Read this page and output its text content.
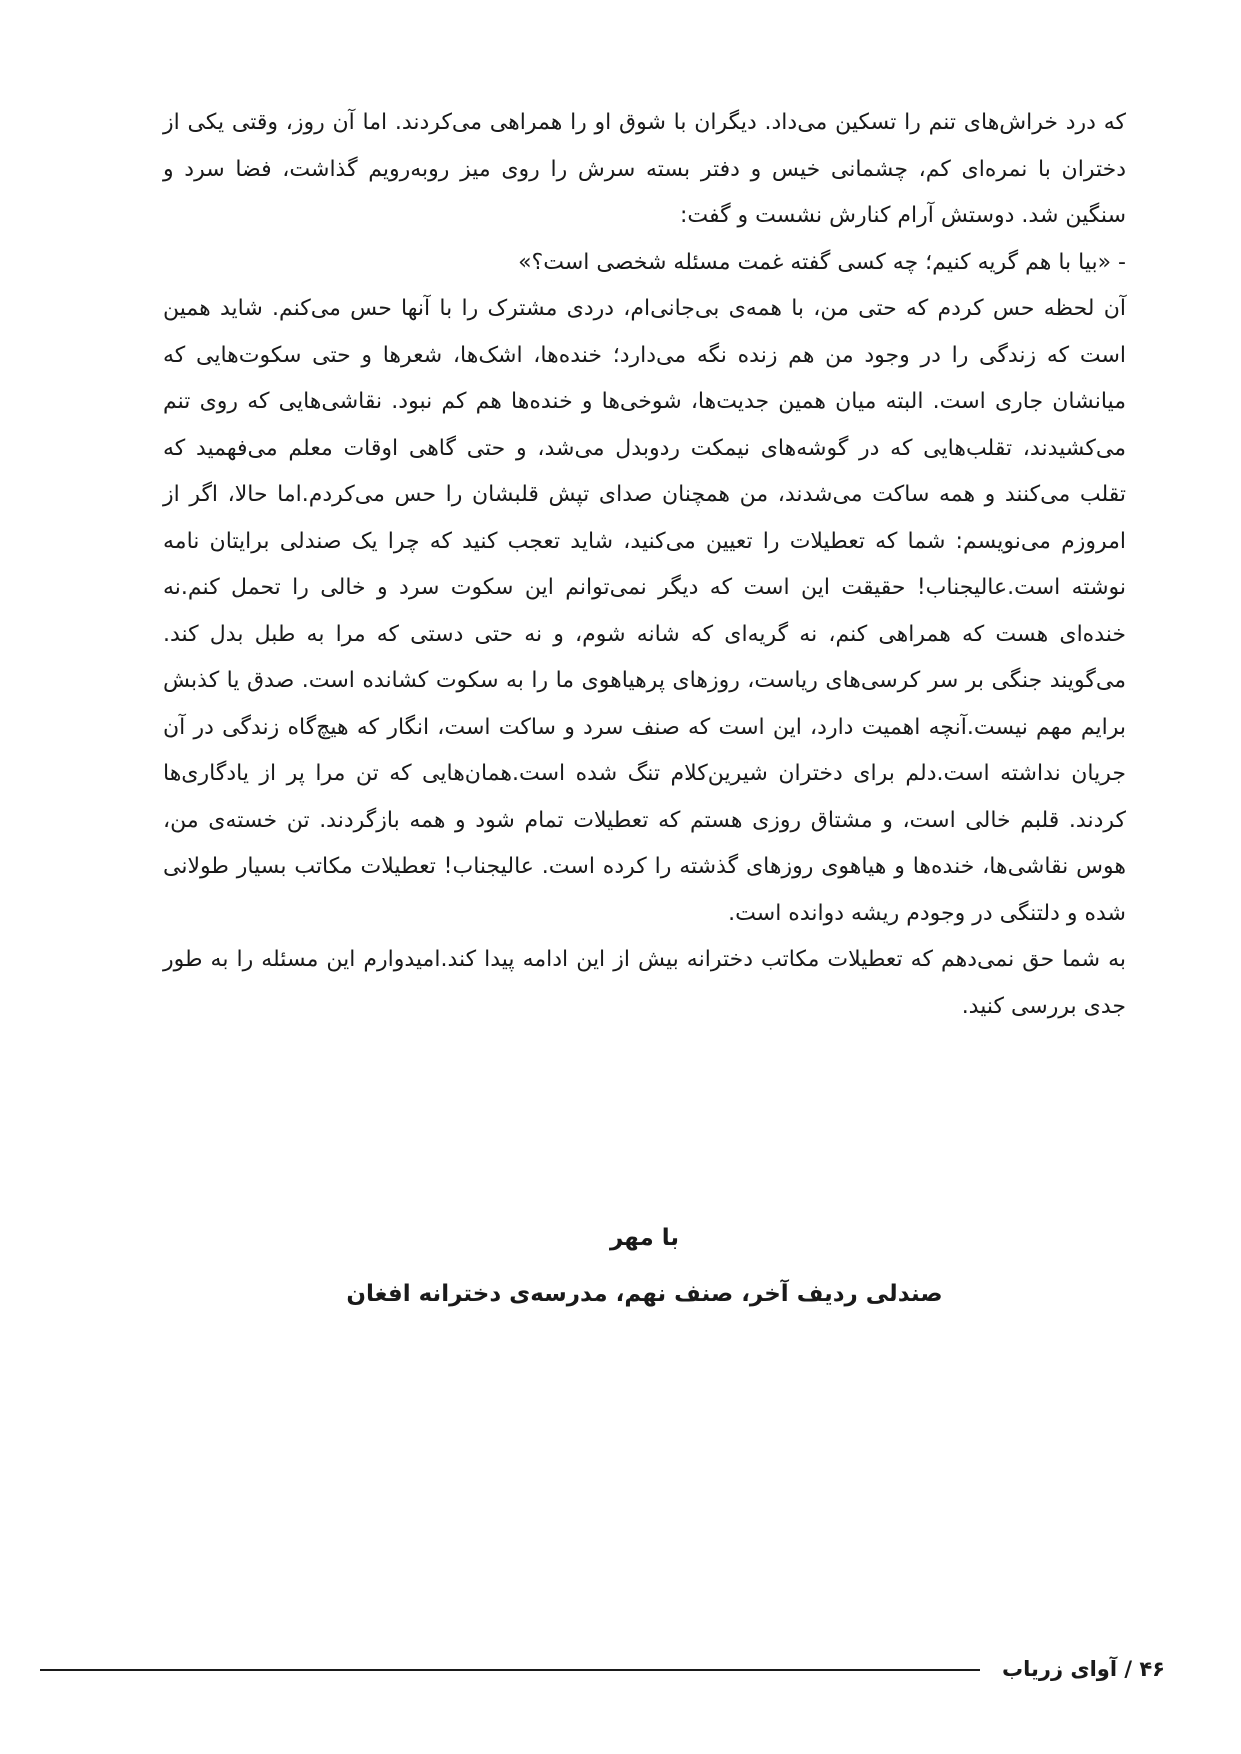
که درد خراش‌های تنم را تسکین می‌داد. دیگران با شوق او را همراهی می‌کردند. اما آن روز، وقتی یکی از دختران با نمره‌ای کم، چشمانی خیس و دفتر بسته سرش را روی میز روبه‌رویم گذاشت، فضا سرد و سنگین شد. دوستش آرام کنارش نشست و گفت:

- «بیا با هم گریه کنیم؛ چه کسی گفته غمت مسئله شخصی است؟»

آن لحظه حس کردم که حتی من، با همه‌ی بی‌جانی‌ام، دردی مشترک را با آنها حس می‌کنم. شاید همین است که زندگی را در وجود من هم زنده نگه می‌دارد؛ خنده‌ها، اشک‌ها، شعرها و حتی سکوت‌هایی که میانشان جاری است. البته میان همین جدیت‌ها، شوخی‌ها و خنده‌ها هم کم نبود. نقاشی‌هایی که روی تنم می‌کشیدند، تقلب‌هایی که در گوشه‌های نیمکت ردوبدل می‌شد، و حتی گاهی اوقات معلم می‌فهمید که تقلب می‌کنند و همه ساکت می‌شدند، من همچنان صدای تپش قلبشان را حس می‌کردم.اما حالا، اگر از امروزم می‌نویسم: شما که تعطیلات را تعیین می‌کنید، شاید تعجب کنید که چرا یک صندلی برایتان نامه نوشته است.عالیجناب! حقیقت این است که دیگر نمی‌توانم این سکوت سرد و خالی را تحمل کنم.نه خنده‌ای هست که همراهی کنم، نه گریه‌ای که شانه شوم، و نه حتی دستی که مرا به طبل بدل کند. می‌گویند جنگی بر سر کرسی‌های ریاست، روزهای پرهیاهوی ما را به سکوت کشانده است. صدق یا کذبش برایم مهم نیست.آنچه اهمیت دارد، این است که صنف سرد و ساکت است، انگار که هیچ‌گاه زندگی در آن جریان نداشته است.دلم برای دختران شیرین‌کلام تنگ شده است.همان‌هایی که تن مرا پر از یادگاری‌ها کردند. قلبم خالی است، و مشتاق روزی هستم که تعطیلات تمام شود و همه بازگردند. تن خسته‌ی من، هوس نقاشی‌ها، خنده‌ها و هیاهوی روزهای گذشته را کرده است. عالیجناب! تعطیلات مکاتب بسیار طولانی شده و دلتنگی در وجودم ریشه دوانده است.

به شما حق نمی‌دهم که تعطیلات مکاتب دخترانه بیش از این ادامه پیدا کند.امیدوارم این مسئله را به طور جدی بررسی کنید.

با مهر
صندلی ردیف آخر، صنف نهم، مدرسه‌ی دخترانه افغان
۴۶ / آوای زریاب
